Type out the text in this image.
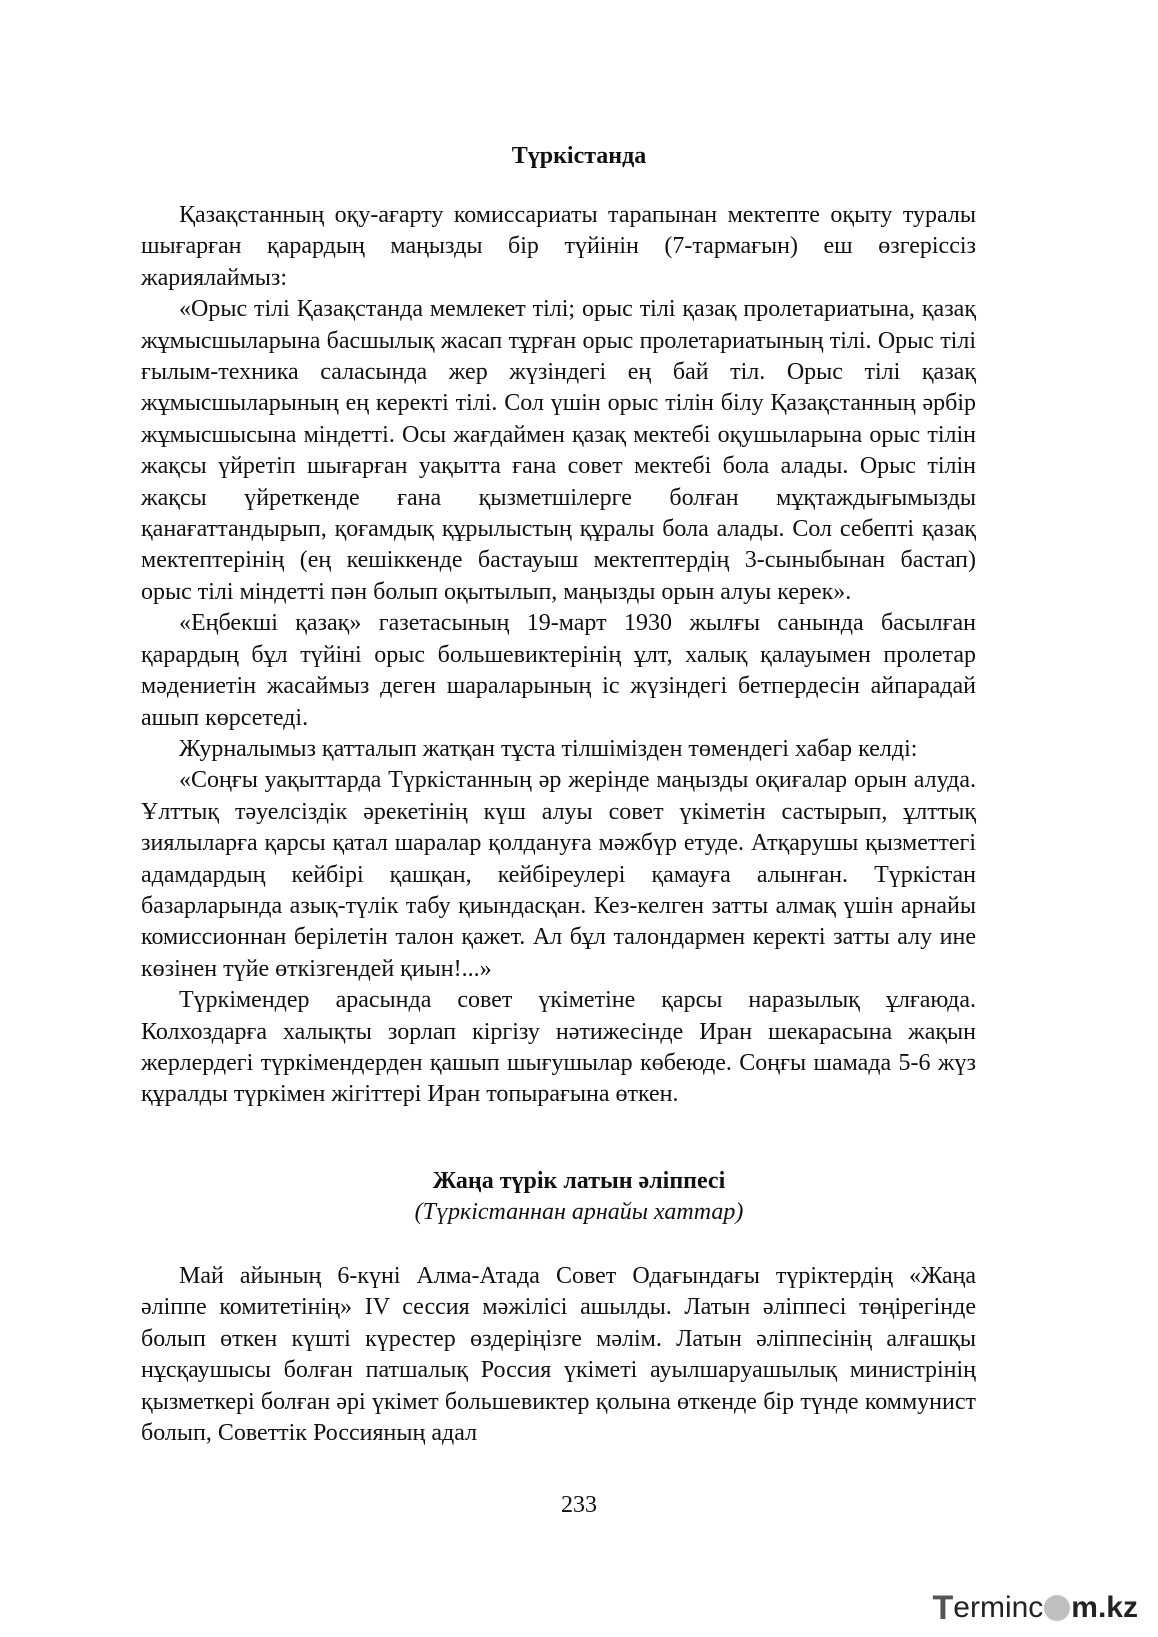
Түркістанда

Қазақстанның оқу-ағарту комиссариаты тарапынан мектепте оқыту туралы шығарған қарардың маңызды бір түйінін (7-тармағын) еш өзгеріссіз жариялаймыз:

«Орыс тілі Қазақстанда мемлекет тілі; орыс тілі қазақ пролетариатына, қазақ жұмысшыларына басшылық жасап тұрған орыс пролетариатының тілі. Орыс тілі ғылым-техника саласында жер жүзіндегі ең бай тіл. Орыс тілі қазақ жұмысшыларының ең керекті тілі. Сол үшін орыс тілін білу Қазақстанның әрбір жұмысшысына міндетті. Осы жағдаймен қазақ мектебі оқушыларына орыс тілін жақсы үйретіп шығарған уақытта ғана совет мектебі бола алады. Орыс тілін жақсы үйреткенде ғана қызметшілерге болған мұқтаждығымызды қанағаттандырып, қоғамдық құрылыстың құралы бола алады. Сол себепті қазақ мектептерінің (ең кешіккенде бастауыш мектептердің 3-сыныбынан бастап) орыс тілі міндетті пән болып оқытылып, маңызды орын алуы керек».

«Еңбекші қазақ» газетасының 19-март 1930 жылғы санында басылған қарардың бұл түйіні орыс большевиктерінің ұлт, халық қалауымен пролетар мәдениетін жасаймыз деген шараларының іс жүзіндегі бетпердесін айпарадай ашып көрсетеді.

Журналымыз қатталып жатқан тұста тілшімізден төмендегі хабар келді:

«Соңғы уақыттарда Түркістанның әр жерінде маңызды оқиғалар орын алуда. Ұлттық тәуелсіздік әрекетінің күш алуы совет үкіметін састырып, ұлттық зиялыларға қарсы қатал шаралар қолдануға мәжбүр етуде. Атқарушы қызметтегі адамдардың кейбірі қашқан, кейбіреулері қамауға алынған. Түркістан базарларында азық-түлік табу қиындасқан. Кез-келген затты алмақ үшін арнайы комиссионнан берілетін талон қажет. Ал бұл талондармен керекті затты алу ине көзінен түйе өткізгендей қиын!...»

Түркімендер арасында совет үкіметіне қарсы наразылық ұлғаюда. Колхоздарға халықты зорлап кіргізу нәтижесінде Иран шекарасына жақын жерлердегі түркімендерден қашып шығушылар көбеюде. Соңғы шамада 5-6 жүз құралды түркімен жігіттері Иран топырағына өткен.

Жаңа түрік латын әліппесі
(Түркістаннан арнайы хаттар)

Май айының 6-күні Алма-Атада Совет Одағындағы түріктердің «Жаңа әліппе комитетінің» IV сессия мәжілісі ашылды. Латын әліппесі төңірегінде болып өткен күшті күрестер өздеріңізге мәлім. Латын әліппесінің алғашқы нұсқаушысы болған патшалық Россия үкіметі ауылшаруашылық министрінің қызметкері болған әрі үкімет большевиктер қолына өткенде бір түнде коммунист болып, Советтік Россияның адал

233
T erminc m.kz
